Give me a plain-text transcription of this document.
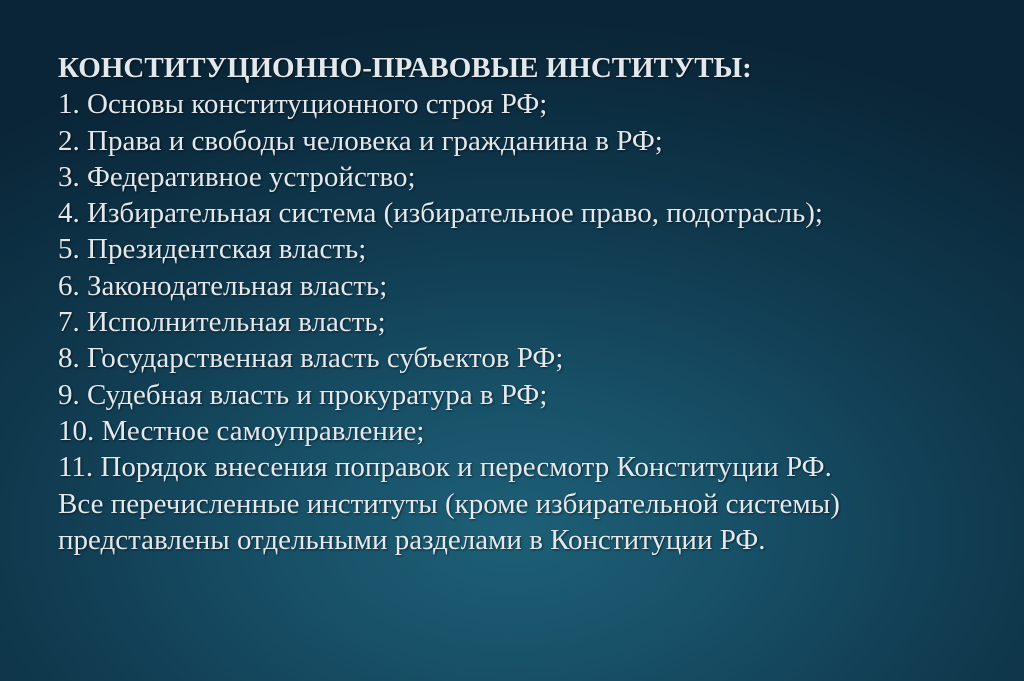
КОНСТИТУЦИОННО-ПРАВОВЫЕ ИНСТИТУТЫ:
1. Основы конституционного строя РФ;
2. Права и свободы человека и гражданина в РФ;
3. Федеративное устройство;
4. Избирательная система (избирательное право, подотрасль);
5. Президентская власть;
6. Законодательная власть;
7. Исполнительная власть;
8. Государственная власть субъектов РФ;
9. Судебная власть и прокуратура в РФ;
10. Местное самоуправление;
11. Порядок внесения поправок и пересмотр Конституции РФ.
Все перечисленные институты (кроме избирательной системы) представлены отдельными разделами в Конституции РФ.
